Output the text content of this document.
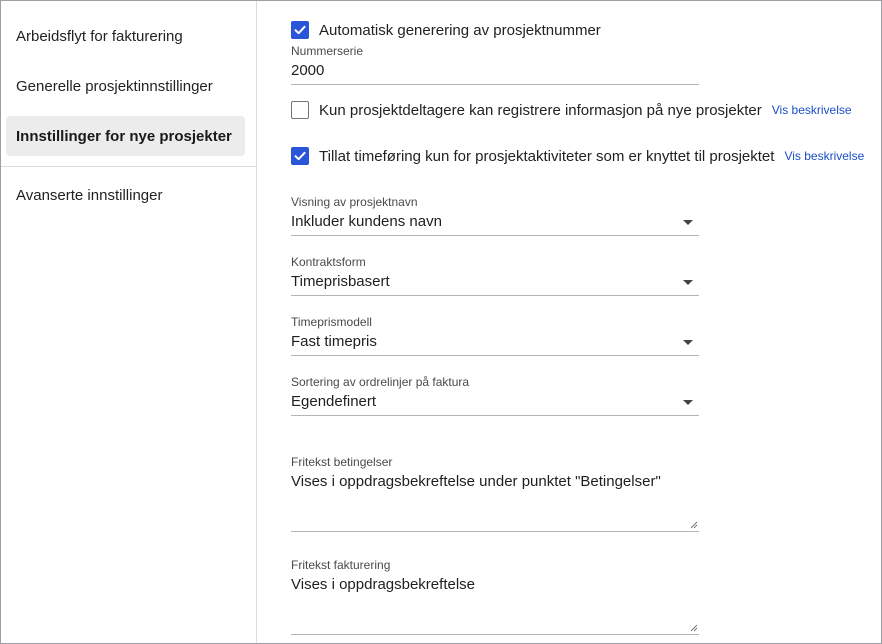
Arbeidsflyt for fakturering
Generelle prosjektinnstillinger
Innstillinger for nye prosjekter
Avanserte innstillinger
Automatisk generering av prosjektnummer
Nummerserie
2000
Kun prosjektdeltagere kan registrere informasjon på nye prosjekter Vis beskrivelse
Tillat timeføring kun for prosjektaktiviteter som er knyttet til prosjektet Vis beskrivelse
Visning av prosjektnavn
Inkluder kundens navn
Kontraktsform
Timeprisbasert
Timeprismodell
Fast timepris
Sortering av ordrelinjer på faktura
Egendefinert
Fritekst betingelser
Vises i oppdragsbekreftelse under punktet "Betingelser"
Fritekst fakturering
Vises i oppdragsbekreftelse
